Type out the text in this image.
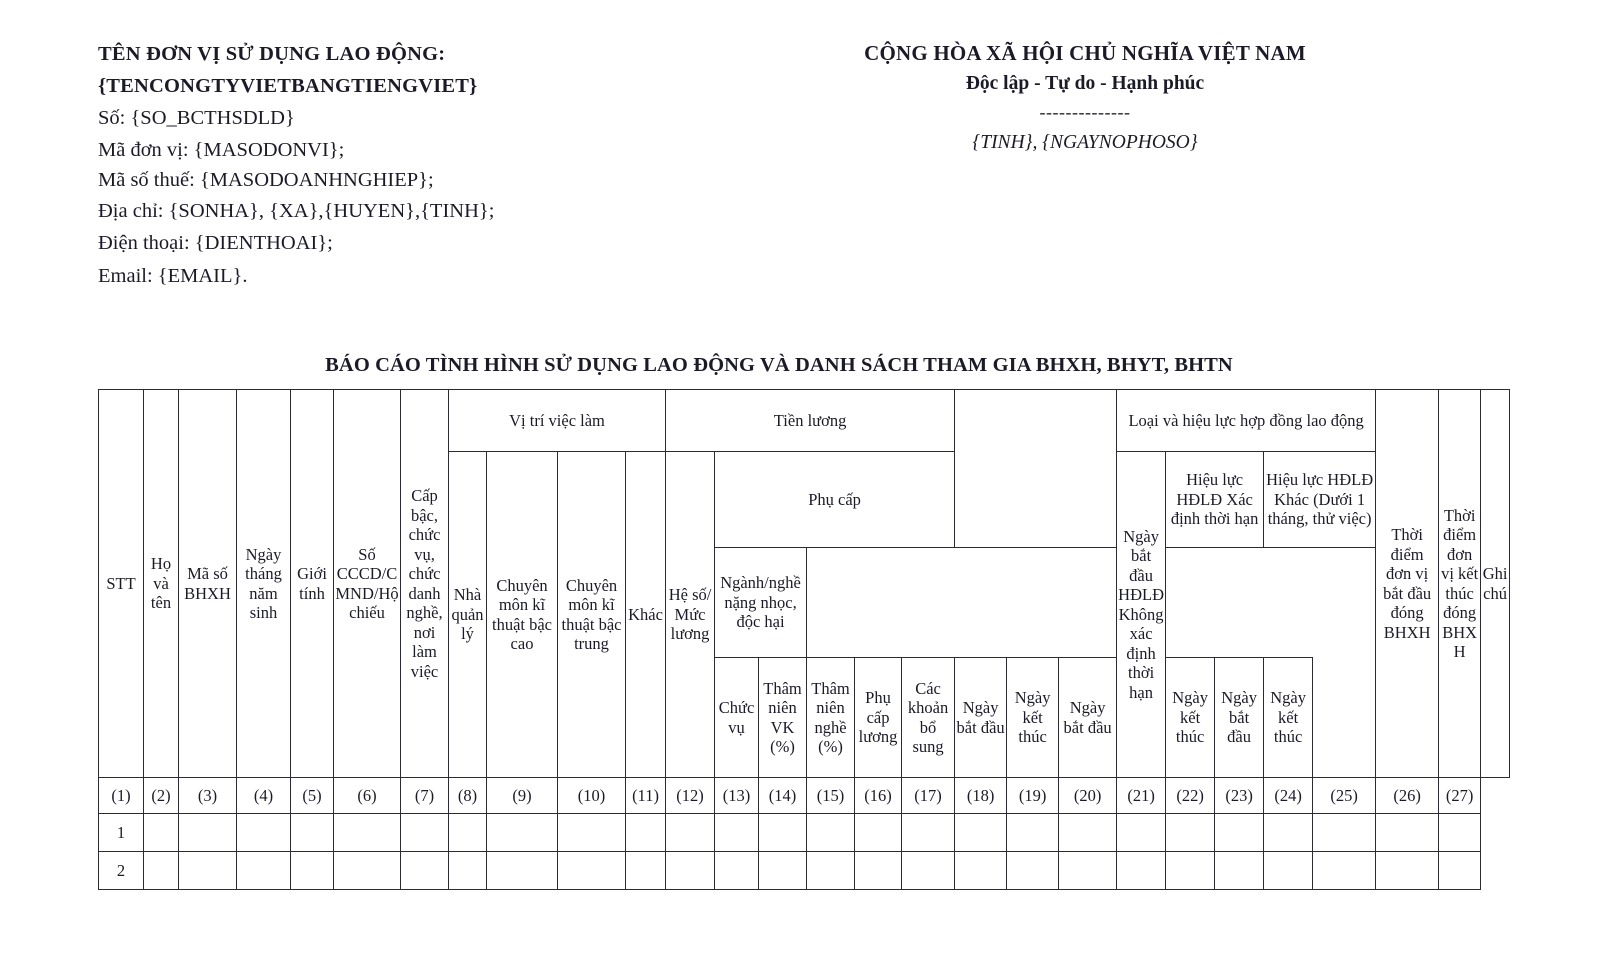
TÊN ĐƠN VỊ SỬ DỤNG LAO ĐỘNG:
{TENCONGTYVIETBANGTIENGVIET}
Số: {SO_BCTHSDLD}
Mã đơn vị: {MASODONVI};
Mã số thuế: {MASODOANHNGHIEP};
Địa chỉ: {SONHA}, {XA},{HUYEN},{TINH};
Điện thoại: {DIENTHOAI};
Email: {EMAIL}.
CỘNG HÒA XÃ HỘI CHỦ NGHĨA VIỆT NAM
Độc lập - Tự do - Hạnh phúc
--------------
{TINH}, {NGAYNOPHOSO}
BÁO CÁO TÌNH HÌNH SỬ DỤNG LAO ĐỘNG VÀ DANH SÁCH THAM GIA BHXH, BHYT, BHTN
STT	Họ và tên	Mã số BHXH	Ngày tháng năm sinh	Giới tính	Số CCCD/CMND/Hộ chiếu	Cấp bậc, chức vụ, chức danh nghề, nơi làm việc	Vị trí việc làm				Tiền lương									Loại và hiệu lực hợp đồng lao động					Thời điểm đơn vị bắt đầu đóng BHXH	Thời điểm đơn vị kết thúc đóng BHXH	Ghi chú
							Nhà quản lý	Chuyên môn kĩ thuật bậc cao	Chuyên môn kĩ thuật bậc trung	Khác	Hệ số/ Mức lương	Phụ cấp								Ngày bắt đầu HĐLĐ Không xác định thời hạn	Hiệu lực HĐLĐ Xác định thời hạn		Hiệu lực HĐLĐ Khác (Dưới 1 tháng, thử việc)				
												Ngành/nghề nặng nhọc, độc hại															
												Chức vụ	Thâm niên VK (%)	Thâm niên nghề (%)	Phụ cấp lương	Các khoản bổ sung	Ngày bắt đầu	Ngày kết thúc	Ngày bắt đầu		Ngày kết thúc	Ngày bắt đầu	Ngày kết thúc				
(1)	(2)	(3)	(4)	(5)	(6)	(7)	(8)	(9)	(10)	(11)	(12)	(13)	(14)	(15)	(16)	(17)	(18)	(19)	(20)	(21)	(22)	(23)	(24)	(25)	(26)	(27)	
1																											
2																											
